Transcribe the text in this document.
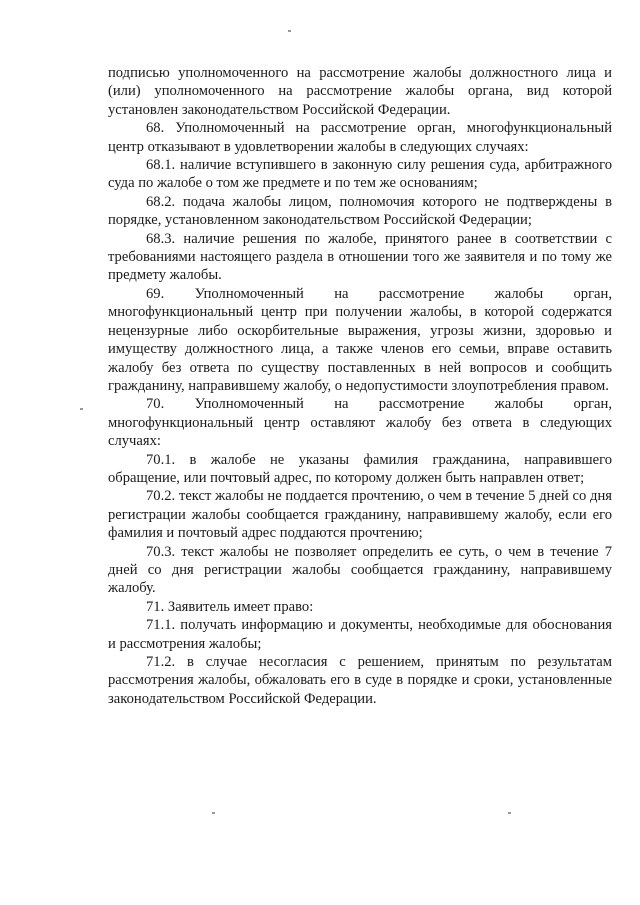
подписью уполномоченного на рассмотрение жалобы должностного лица и (или) уполномоченного на рассмотрение жалобы органа, вид которой установлен законодательством Российской Федерации.

68. Уполномоченный на рассмотрение орган, многофункциональный центр отказывают в удовлетворении жалобы в следующих случаях:

68.1. наличие вступившего в законную силу решения суда, арбитражного суда по жалобе о том же предмете и по тем же основаниям;

68.2. подача жалобы лицом, полномочия которого не подтверждены в порядке, установленном законодательством Российской Федерации;

68.3. наличие решения по жалобе, принятого ранее в соответствии с требованиями настоящего раздела в отношении того же заявителя и по тому же предмету жалобы.

69. Уполномоченный на рассмотрение жалобы орган, многофункциональный центр при получении жалобы, в которой содержатся нецензурные либо оскорбительные выражения, угрозы жизни, здоровью и имуществу должностного лица, а также членов его семьи, вправе оставить жалобу без ответа по существу поставленных в ней вопросов и сообщить гражданину, направившему жалобу, о недопустимости злоупотребления правом.

70. Уполномоченный на рассмотрение жалобы орган, многофункциональный центр оставляют жалобу без ответа в следующих случаях:

70.1. в жалобе не указаны фамилия гражданина, направившего обращение, или почтовый адрес, по которому должен быть направлен ответ;

70.2. текст жалобы не поддается прочтению, о чем в течение 5 дней со дня регистрации жалобы сообщается гражданину, направившему жалобу, если его фамилия и почтовый адрес поддаются прочтению;

70.3. текст жалобы не позволяет определить ее суть, о чем в течение 7 дней со дня регистрации жалобы сообщается гражданину, направившему жалобу.

71. Заявитель имеет право:

71.1. получать информацию и документы, необходимые для обоснования и рассмотрения жалобы;

71.2. в случае несогласия с решением, принятым по результатам рассмотрения жалобы, обжаловать его в суде в порядке и сроки, установленные законодательством Российской Федерации.
